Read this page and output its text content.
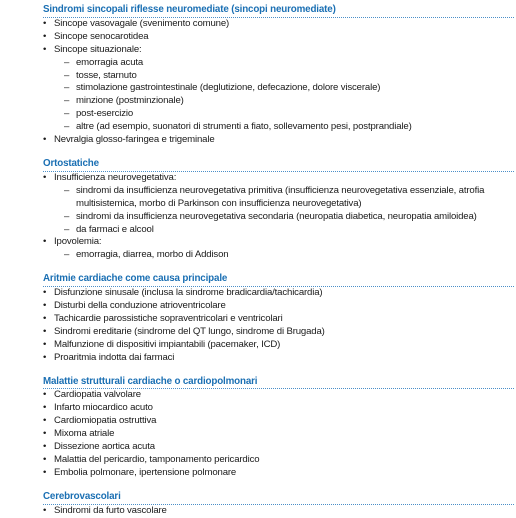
Sindromi sincopali riflesse neuromediate (sincopi neuromediate)
• Sincope vasovagale (svenimento comune)
• Sincope senocarotidea
• Sincope situazionale:
– emorragia acuta
– tosse, starnuto
– stimolazione gastrointestinale (deglutizione, defecazione, dolore viscerale)
– minzione (postminzionale)
– post-esercizio
– altre (ad esempio, suonatori di strumenti a fiato, sollevamento pesi, postprandiale)
• Nevralgia glosso-faringea e trigeminale
Ortostatiche
• Insufficienza neurovegetativa:
– sindromi da insufficienza neurovegetativa primitiva (insufficienza neurovegetativa essenziale, atrofia multisistemica, morbo di Parkinson con insufficienza neurovegetativa)
– sindromi da insufficienza neurovegetativa secondaria (neuropatia diabetica, neuropatia amiloidea)
– da farmaci e alcool
• Ipovolemia:
– emorragia, diarrea, morbo di Addison
Aritmie cardiache come causa principale
• Disfunzione sinusale (inclusa la sindrome bradicardia/tachicardia)
• Disturbi della conduzione atrioventricolare
• Tachicardie parossistiche sopraventricolari e ventricolari
• Sindromi ereditarie (sindrome del QT lungo, sindrome di Brugada)
• Malfunzione di dispositivi impiantabili (pacemaker, ICD)
• Proaritmia indotta dai farmaci
Malattie strutturali cardiache o cardiopolmonari
• Cardiopatia valvolare
• Infarto miocardico acuto
• Cardiomiopatia ostruttiva
• Mixoma atriale
• Dissezione aortica acuta
• Malattia del pericardio, tamponamento pericardico
• Embolia polmonare, ipertensione polmonare
Cerebrovascolari
• Sindromi da furto vascolare
